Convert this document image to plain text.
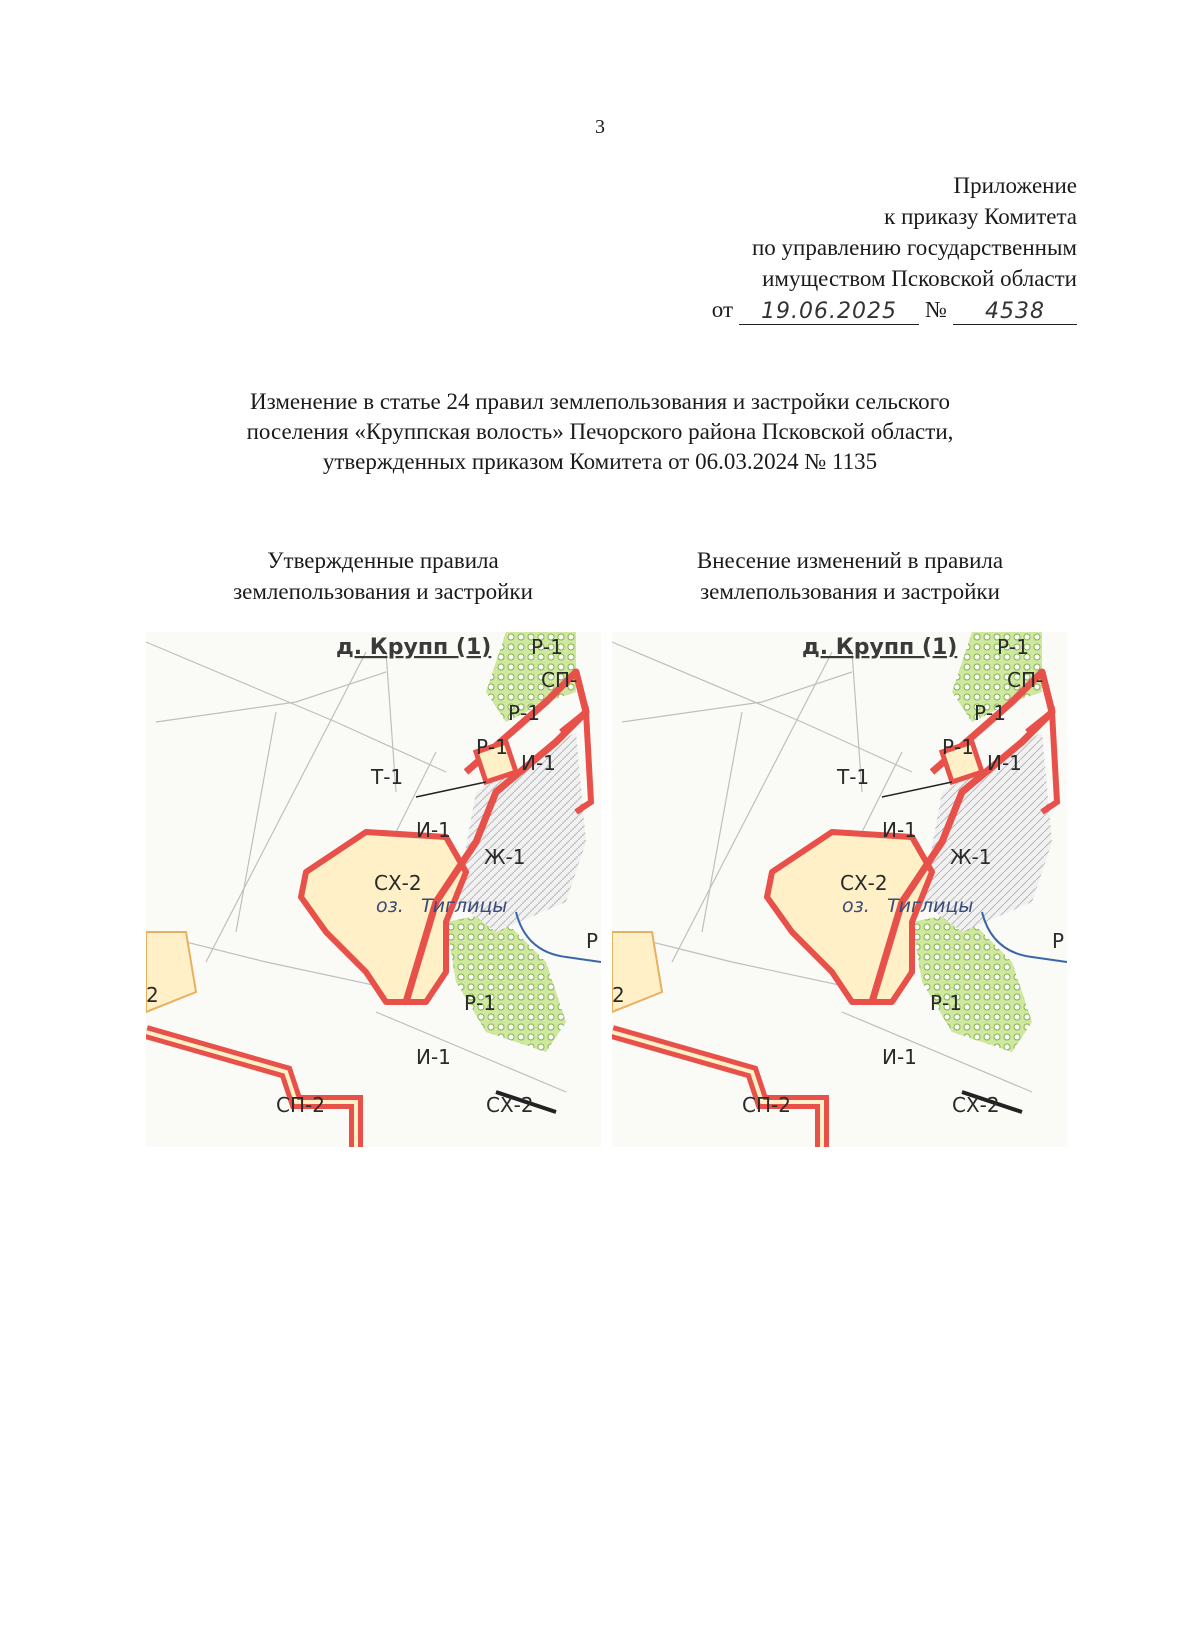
3
Приложение
к приказу Комитета
по управлению государственным
имуществом Псковской области
от	19.06.2025	№	4538
Изменение в статье 24 правил землепользования и застройки сельского
поселения «Круппская волость» Печорского района Псковской области,
утвержденных приказом Комитета от 06.03.2024 № 1135
Утвержденные правила
землепользования и застройки
Внесение изменений в правила
землепользования и застройки
д. Крупп (1) Р-1
СП-
Р-1
Р-1
И-1
Т-1
И-1
Ж-1
СХ-2
оз. Тиглицы
Р-1
И-1
СП-2	СХ-2
2
Р
д. Крупп (1) Р-1
СП-
Р-1
Р-1
И-1
Т-1
И-1
Ж-1
СХ-2
оз. Тиглицы
Р-1
И-1
СП-2	СХ-2
2
Р
